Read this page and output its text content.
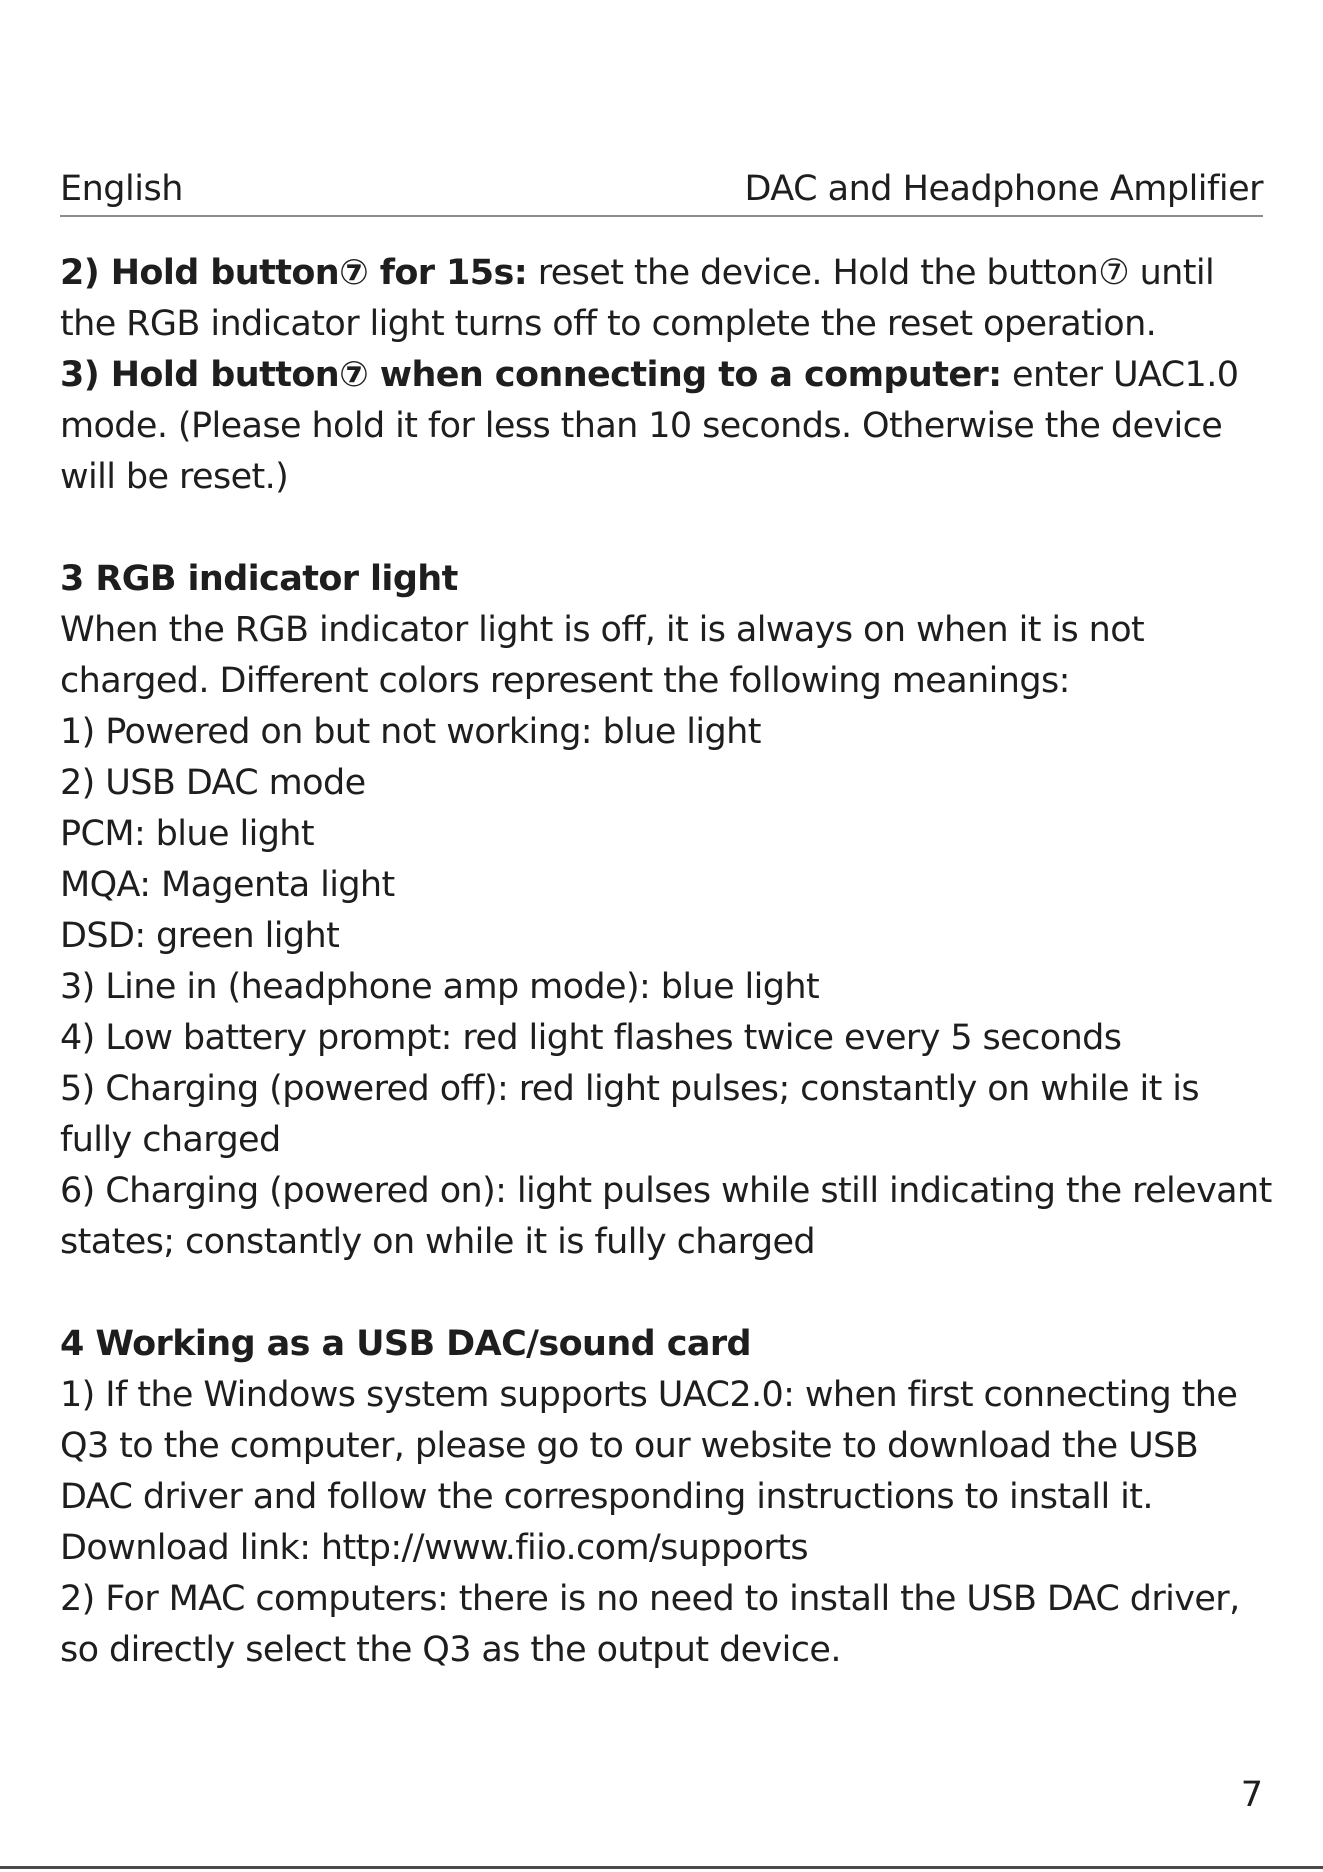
English	DAC and Headphone Amplifier

2) Hold button⑦ for 15s: reset the device. Hold the button⑦ until the RGB indicator light turns off to complete the reset operation.

3) Hold button⑦ when connecting to a computer: enter UAC1.0 mode. (Please hold it for less than 10 seconds. Otherwise the device will be reset.)

3 RGB indicator light

When the RGB indicator light is off, it is always on when it is not charged. Different colors represent the following meanings:

1) Powered on but not working: blue light

2) USB DAC mode

PCM: blue light

MQA: Magenta light

DSD: green light

3) Line in (headphone amp mode): blue light

4) Low battery prompt: red light flashes twice every 5 seconds

5) Charging (powered off): red light pulses; constantly on while it is fully charged

6) Charging (powered on): light pulses while still indicating the relevant states; constantly on while it is fully charged

4 Working as a USB DAC/sound card

1) If the Windows system supports UAC2.0: when first connecting the Q3 to the computer, please go to our website to download the USB DAC driver and follow the corresponding instructions to install it.

Download link: http://www.fiio.com/supports

2) For MAC computers: there is no need to install the USB DAC driver, so directly select the Q3 as the output device.

7
